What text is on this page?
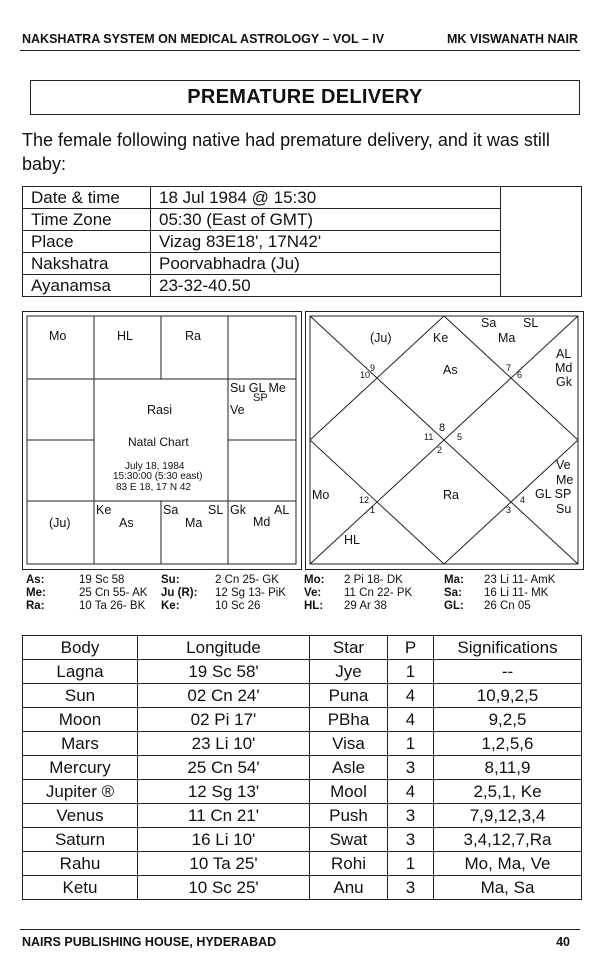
NAKSHATRA SYSTEM ON MEDICAL ASTROLOGY – VOL – IV	MK VISWANATH NAIR
PREMATURE DELIVERY
The female following native had premature delivery, and it was still baby:
Date & time	18 Jul 1984 @ 15:30	
Time Zone	05:30 (East of GMT)	
Place	Vizag 83E18', 17N42'	
Nakshatra	Poorvabhadra (Ju)	
Ayanamsa	23-32-40.50	
Mo	HL	Ra
Su GL Me
SP
Ve
Rasi
Natal Chart
July 18, 1984
15:30:00 (5:30 east)
83 E 18, 17 N 42
(Ju)
Ke
As
Sa SL
Ma
Gk AL
Md
(Ju)	Ke
Sa SL
Ma
AL
Md
Gk
As
10
9	7
6
8
11	5
2
Ve
Me
GL SP
Su
Mo	Ra
12
1
4
3
HL
As:	19 Sc 58	Su:	2 Cn 25- GK	Mo:	2 Pi 18- DK	Ma:	23 Li 11- AmK
Me:	25 Cn 55- AK	Ju (R):	12 Sg 13- PiK	Ve:	11 Cn 22- PK	Sa:	16 Li 11- MK
Ra:	10 Ta 26- BK	Ke:	10 Sc 26	HL:	29 Ar 38	GL:	26 Cn 05
Body	Longitude	Star	P	Significations
Lagna	19 Sc 58'	Jye	1	--
Sun	02 Cn 24'	Puna	4	10,9,2,5
Moon	02 Pi 17'	PBha	4	9,2,5
Mars	23 Li 10'	Visa	1	1,2,5,6
Mercury	25 Cn 54'	Asle	3	8,11,9
Jupiter ®	12 Sg 13'	Mool	4	2,5,1, Ke
Venus	11 Cn 21'	Push	3	7,9,12,3,4
Saturn	16 Li 10'	Swat	3	3,4,12,7,Ra
Rahu	10 Ta 25'	Rohi	1	Mo, Ma, Ve
Ketu	10 Sc 25'	Anu	3	Ma, Sa
NAIRS PUBLISHING HOUSE, HYDERABAD	40
